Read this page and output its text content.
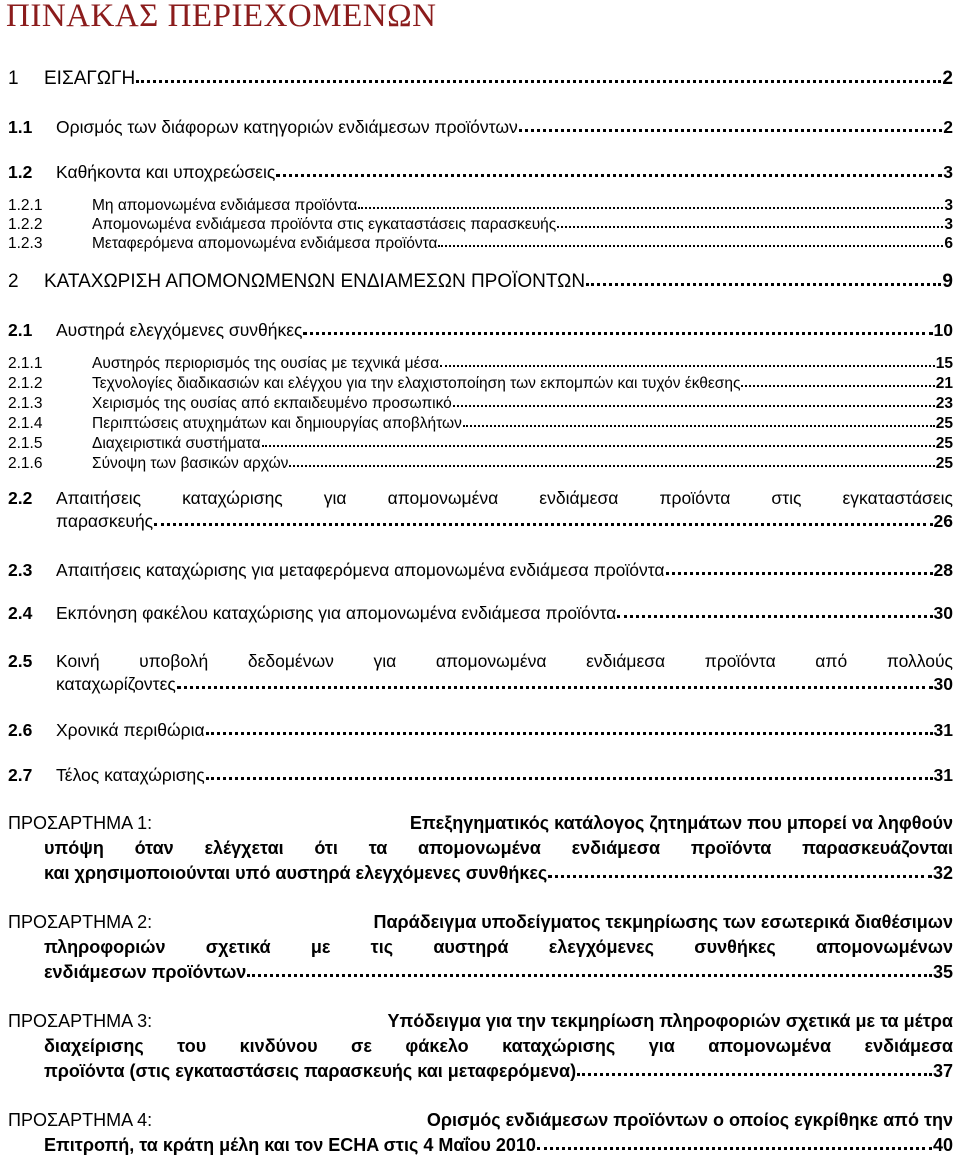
ΠΙΝΑΚΑΣ ΠΕΡΙΕΧΟΜΕΝΩΝ
1	ΕΙΣΑΓΩΓΗ	2
1.1	Ορισμός των διάφορων κατηγοριών ενδιάμεσων προϊόντων	2
1.2	Καθήκοντα και υποχρεώσεις	3
1.2.1	Μη απομονωμένα ενδιάμεσα προϊόντα	3
1.2.2	Απομονωμένα ενδιάμεσα προϊόντα στις εγκαταστάσεις παρασκευής	3
1.2.3	Μεταφερόμενα απομονωμένα ενδιάμεσα προϊόντα	6
2	ΚΑΤΑΧΩΡΙΣΗ ΑΠΟΜΟΝΩΜΕΝΩΝ ΕΝΔΙΑΜΕΣΩΝ ΠΡΟΪΟΝΤΩΝ	9
2.1	Αυστηρά ελεγχόμενες συνθήκες	10
2.1.1	Αυστηρός περιορισμός της ουσίας με τεχνικά μέσα	15
2.1.2	Τεχνολογίες διαδικασιών και ελέγχου για την ελαχιστοποίηση των εκπομπών και τυχόν έκθεσης	21
2.1.3	Χειρισμός της ουσίας από εκπαιδευμένο προσωπικό	23
2.1.4	Περιπτώσεις ατυχημάτων και δημιουργίας αποβλήτων	25
2.1.5	Διαχειριστικά συστήματα	25
2.1.6	Σύνοψη των βασικών αρχών	25
2.2	Απαιτήσεις καταχώρισης για απομονωμένα ενδιάμεσα προϊόντα στις εγκαταστάσεις
παρασκευής	26
2.3	Απαιτήσεις καταχώρισης για μεταφερόμενα απομονωμένα ενδιάμεσα προϊόντα	28
2.4	Εκπόνηση φακέλου καταχώρισης για απομονωμένα ενδιάμεσα προϊόντα	30
2.5	Κοινή υποβολή δεδομένων για απομονωμένα ενδιάμεσα προϊόντα από πολλούς
καταχωρίζοντες	30
2.6	Χρονικά περιθώρια	31
2.7	Τέλος καταχώρισης	31
ΠΡΟΣΑΡΤΗΜΑ 1:	Επεξηγηματικός κατάλογος ζητημάτων που μπορεί να ληφθούν
υπόψη όταν ελέγχεται ότι τα απομονωμένα ενδιάμεσα προϊόντα παρασκευάζονται
και χρησιμοποιούνται υπό αυστηρά ελεγχόμενες συνθήκες	32
ΠΡΟΣΑΡΤΗΜΑ 2:	Παράδειγμα υποδείγματος τεκμηρίωσης των εσωτερικά διαθέσιμων
πληροφοριών σχετικά με τις αυστηρά ελεγχόμενες συνθήκες απομονωμένων
ενδιάμεσων προϊόντων	35
ΠΡΟΣΑΡΤΗΜΑ 3:	Υπόδειγμα για την τεκμηρίωση πληροφοριών σχετικά με τα μέτρα
διαχείρισης του κινδύνου σε φάκελο καταχώρισης για απομονωμένα ενδιάμεσα
προϊόντα (στις εγκαταστάσεις παρασκευής και μεταφερόμενα)	37
ΠΡΟΣΑΡΤΗΜΑ 4:	Ορισμός ενδιάμεσων προϊόντων ο οποίος εγκρίθηκε από την
Επιτροπή, τα κράτη μέλη και τον ECHA στις 4 Μαΐου 2010	40
